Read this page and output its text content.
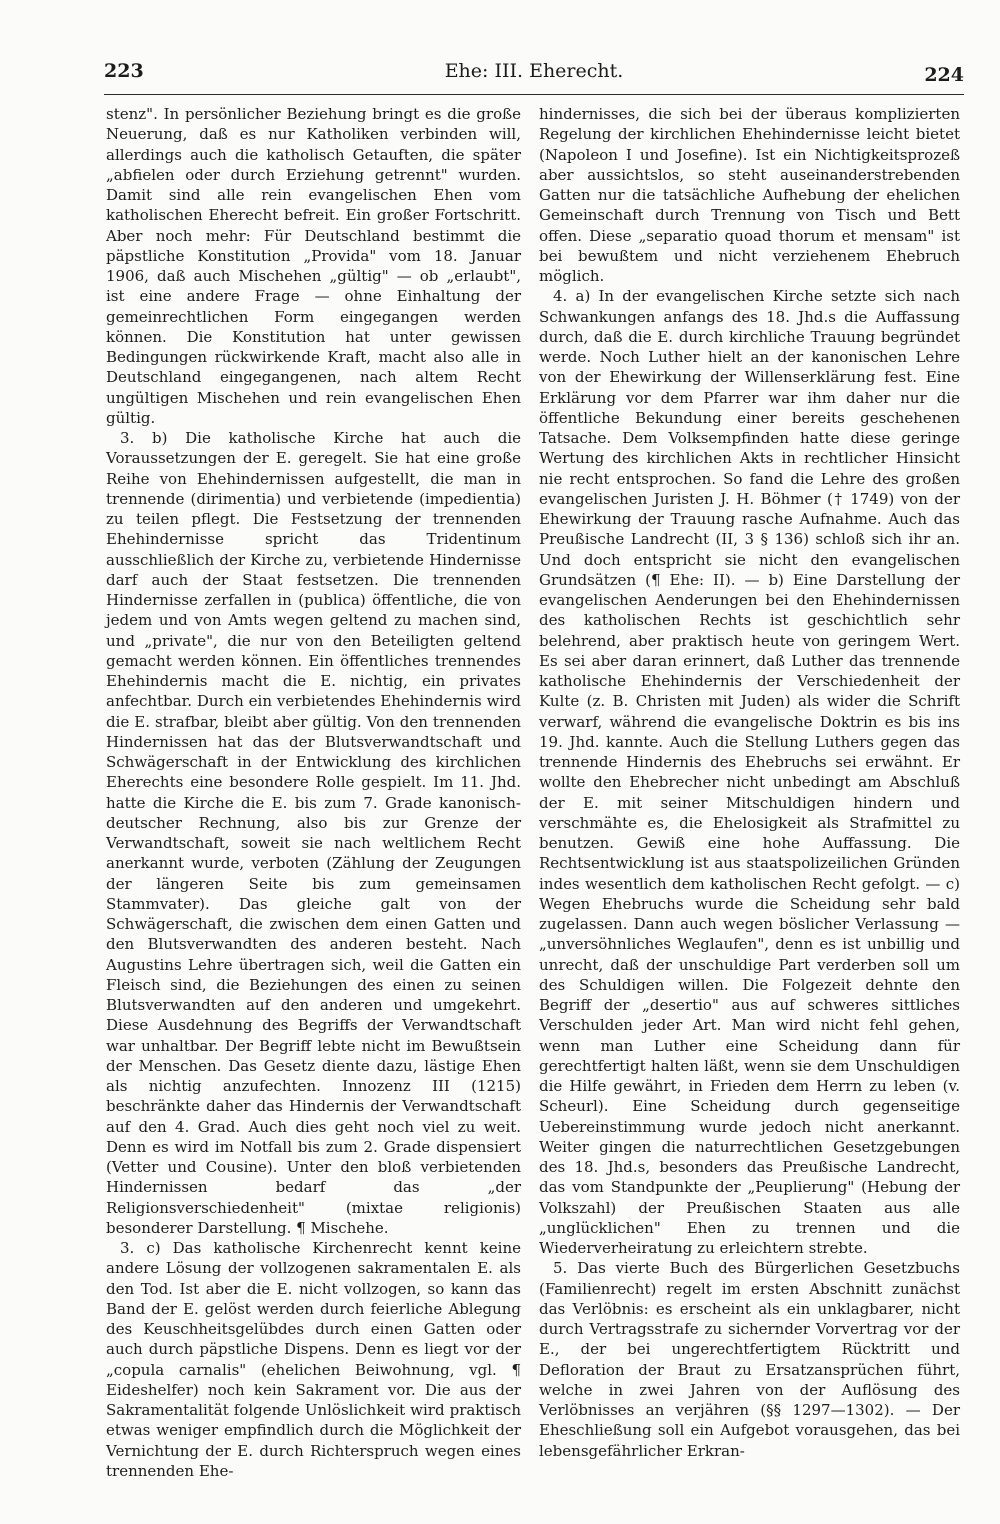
223	Ehe: III. Eherecht.	224

stenz". In persönlicher Beziehung bringt es die große Neuerung, daß es nur Katholiken verbinden will, allerdings auch die katholisch Getauften, die später „abfielen oder durch Erziehung getrennt" wurden. Damit sind alle rein evangelischen Ehen vom katholischen Eherecht befreit. Ein großer Fortschritt. Aber noch mehr: Für Deutschland bestimmt die päpstliche Konstitution „Provida" vom 18. Januar 1906, daß auch Mischehen „gültig" — ob „erlaubt", ist eine andere Frage — ohne Einhaltung der gemeinrechtlichen Form eingegangen werden können. Die Konstitution hat unter gewissen Bedingungen rückwirkende Kraft, macht also alle in Deutschland eingegangenen, nach altem Recht ungültigen Mischehen und rein evangelischen Ehen gültig.

3. b) Die katholische Kirche hat auch die Voraussetzungen der E. geregelt. Sie hat eine große Reihe von Ehehindernissen aufgestellt, die man in trennende (dirimentia) und verbietende (impedientia) zu teilen pflegt. Die Festsetzung der trennenden Ehehindernisse spricht das Tridentinum ausschließlich der Kirche zu, verbietende Hindernisse darf auch der Staat festsetzen. Die trennenden Hindernisse zerfallen in (publica) öffentliche, die von jedem und von Amts wegen geltend zu machen sind, und „private", die nur von den Beteiligten geltend gemacht werden können. Ein öffentliches trennendes Ehehindernis macht die E. nichtig, ein privates anfechtbar. Durch ein verbietendes Ehehindernis wird die E. strafbar, bleibt aber gültig. Von den trennenden Hindernissen hat das der Blutsverwandtschaft und Schwägerschaft in der Entwicklung des kirchlichen Eherechts eine besondere Rolle gespielt. Im 11. Jhd. hatte die Kirche die E. bis zum 7. Grade kanonisch-deutscher Rechnung, also bis zur Grenze der Verwandtschaft, soweit sie nach weltlichem Recht anerkannt wurde, verboten (Zählung der Zeugungen der längeren Seite bis zum gemeinsamen Stammvater). Das gleiche galt von der Schwägerschaft, die zwischen dem einen Gatten und den Blutsverwandten des anderen besteht. Nach Augustins Lehre übertragen sich, weil die Gatten ein Fleisch sind, die Beziehungen des einen zu seinen Blutsverwandten auf den anderen und umgekehrt. Diese Ausdehnung des Begriffs der Verwandtschaft war unhaltbar. Der Begriff lebte nicht im Bewußtsein der Menschen. Das Gesetz diente dazu, lästige Ehen als nichtig anzufechten. Innozenz III (1215) beschränkte daher das Hindernis der Verwandtschaft auf den 4. Grad. Auch dies geht noch viel zu weit. Denn es wird im Notfall bis zum 2. Grade dispensiert (Vetter und Cousine). Unter den bloß verbietenden Hindernissen bedarf das „der Religionsverschiedenheit" (mixtae religionis) besonderer Darstellung. ¶ Mischehe.

3. c) Das katholische Kirchenrecht kennt keine andere Lösung der vollzogenen sakramentalen E. als den Tod. Ist aber die E. nicht vollzogen, so kann das Band der E. gelöst werden durch feierliche Ablegung des Keuschheitsgelübdes durch einen Gatten oder auch durch päpstliche Dispens. Denn es liegt vor der „copula carnalis" (ehelichen Beiwohnung, vgl. ¶ Eideshelfer) noch kein Sakrament vor. Die aus der Sakramentalität folgende Unlöslichkeit wird praktisch etwas weniger empfindlich durch die Möglichkeit der Vernichtung der E. durch Richterspruch wegen eines trennenden Ehe-

hindernisses, die sich bei der überaus komplizierten Regelung der kirchlichen Ehehindernisse leicht bietet (Napoleon I und Josefine). Ist ein Nichtigkeitsprozeß aber aussichtslos, so steht auseinanderstrebenden Gatten nur die tatsächliche Aufhebung der ehelichen Gemeinschaft durch Trennung von Tisch und Bett offen. Diese „separatio quoad thorum et mensam" ist bei bewußtem und nicht verziehenem Ehebruch möglich.

4. a) In der evangelischen Kirche setzte sich nach Schwankungen anfangs des 18. Jhd.s die Auffassung durch, daß die E. durch kirchliche Trauung begründet werde. Noch Luther hielt an der kanonischen Lehre von der Ehewirkung der Willenserklärung fest. Eine Erklärung vor dem Pfarrer war ihm daher nur die öffentliche Bekundung einer bereits geschehenen Tatsache. Dem Volksempfinden hatte diese geringe Wertung des kirchlichen Akts in rechtlicher Hinsicht nie recht entsprochen. So fand die Lehre des großen evangelischen Juristen J. H. Böhmer († 1749) von der Ehewirkung der Trauung rasche Aufnahme. Auch das Preußische Landrecht (II, 3 § 136) schloß sich ihr an. Und doch entspricht sie nicht den evangelischen Grundsätzen (¶ Ehe: II). — b) Eine Darstellung der evangelischen Aenderungen bei den Ehehindernissen des katholischen Rechts ist geschichtlich sehr belehrend, aber praktisch heute von geringem Wert. Es sei aber daran erinnert, daß Luther das trennende katholische Ehehindernis der Verschiedenheit der Kulte (z. B. Christen mit Juden) als wider die Schrift verwarf, während die evangelische Doktrin es bis ins 19. Jhd. kannte. Auch die Stellung Luthers gegen das trennende Hindernis des Ehebruchs sei erwähnt. Er wollte den Ehebrecher nicht unbedingt am Abschluß der E. mit seiner Mitschuldigen hindern und verschmähte es, die Ehelosigkeit als Strafmittel zu benutzen. Gewiß eine hohe Auffassung. Die Rechtsentwicklung ist aus staatspolizeilichen Gründen indes wesentlich dem katholischen Recht gefolgt. — c) Wegen Ehebruchs wurde die Scheidung sehr bald zugelassen. Dann auch wegen böslicher Verlassung — „unversöhnliches Weglaufen", denn es ist unbillig und unrecht, daß der unschuldige Part verderben soll um des Schuldigen willen. Die Folgezeit dehnte den Begriff der „desertio" aus auf schweres sittliches Verschulden jeder Art. Man wird nicht fehl gehen, wenn man Luther eine Scheidung dann für gerechtfertigt halten läßt, wenn sie dem Unschuldigen die Hilfe gewährt, in Frieden dem Herrn zu leben (v. Scheurl). Eine Scheidung durch gegenseitige Uebereinstimmung wurde jedoch nicht anerkannt. Weiter gingen die naturrechtlichen Gesetzgebungen des 18. Jhd.s, besonders das Preußische Landrecht, das vom Standpunkte der „Peuplierung" (Hebung der Volkszahl) der Preußischen Staaten aus alle „unglücklichen" Ehen zu trennen und die Wiederverheiratung zu erleichtern strebte.

5. Das vierte Buch des Bürgerlichen Gesetzbuchs (Familienrecht) regelt im ersten Abschnitt zunächst das Verlöbnis: es erscheint als ein unklagbarer, nicht durch Vertragsstrafe zu sichernder Vorvertrag vor der E., der bei ungerechtfertigtem Rücktritt und Defloration der Braut zu Ersatzansprüchen führt, welche in zwei Jahren von der Auflösung des Verlöbnisses an verjähren (§§ 1297—1302). — Der Eheschließung soll ein Aufgebot vorausgehen, das bei lebensgefährlicher Erkran-
